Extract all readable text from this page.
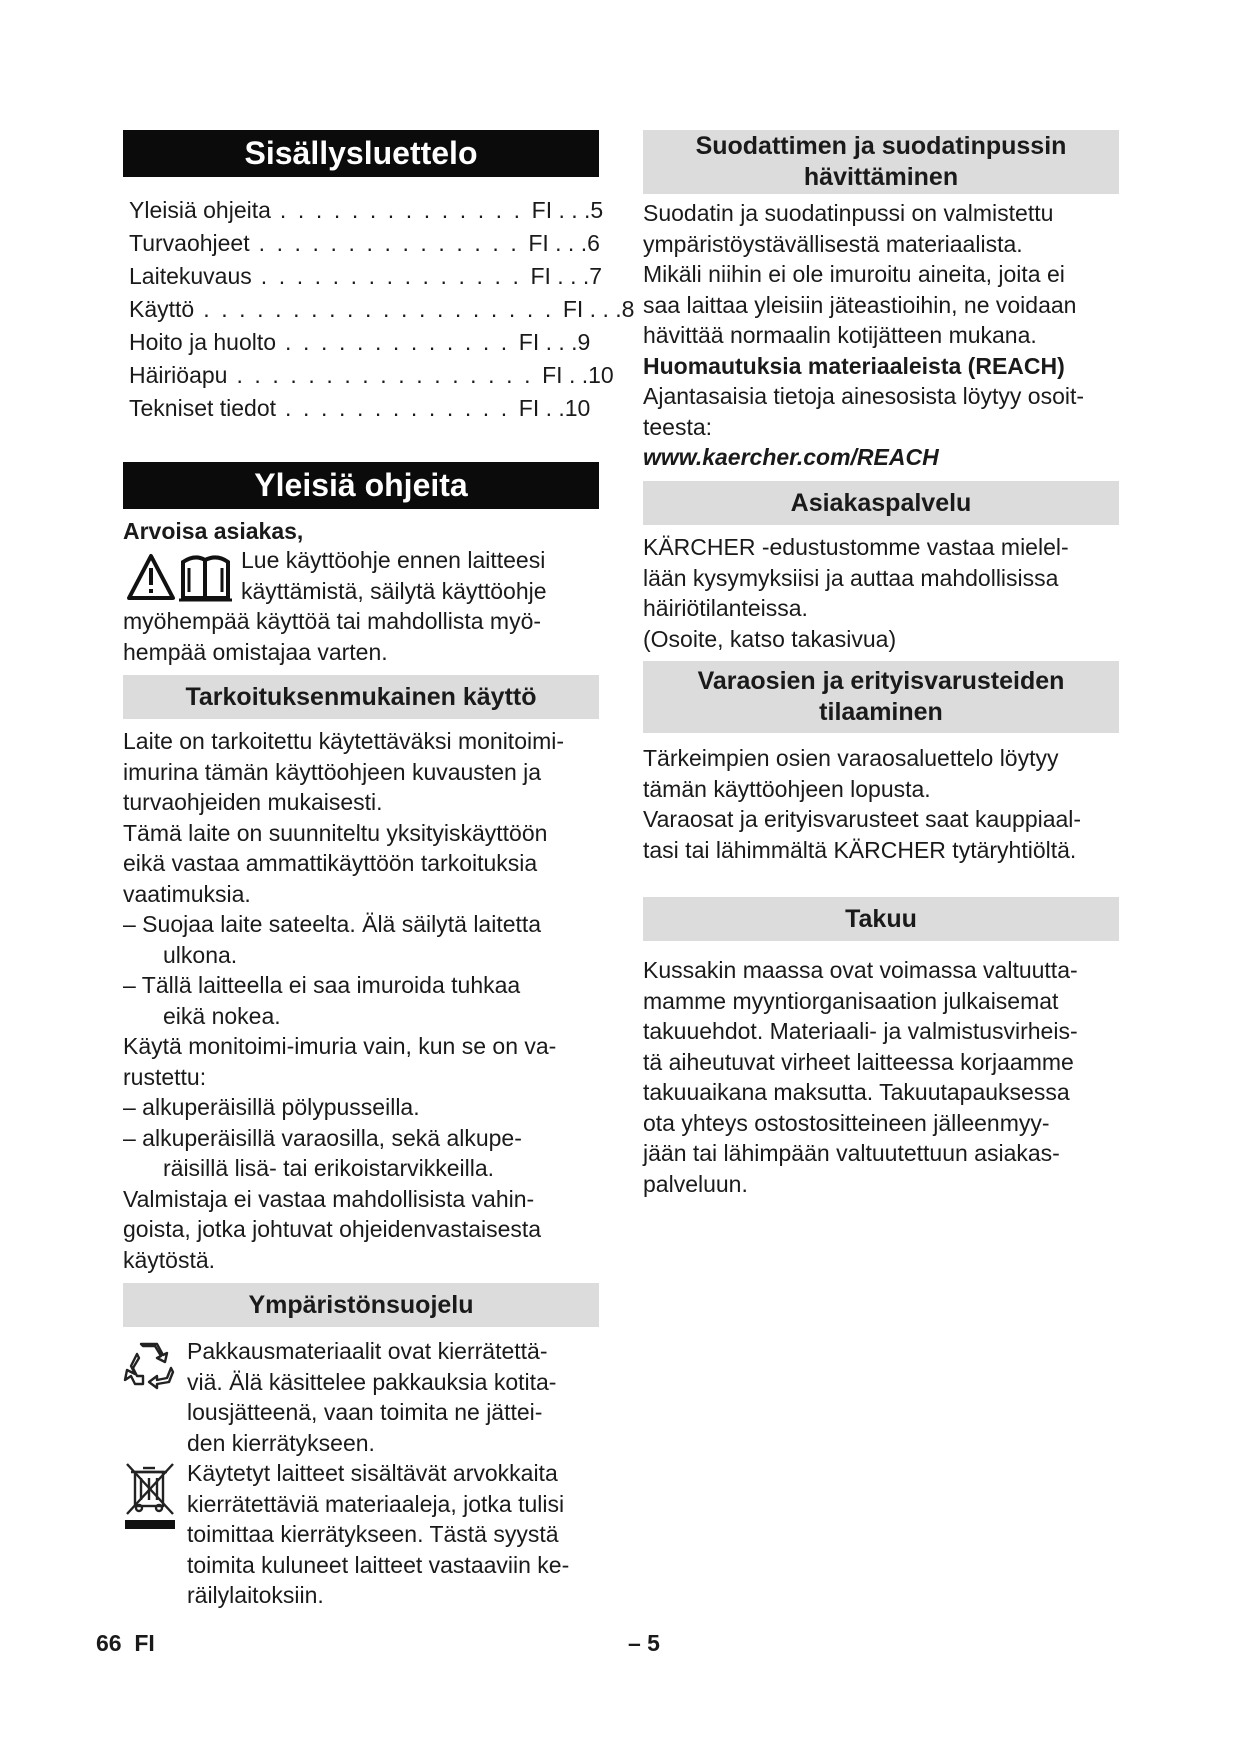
Sisällysluettelo
Yleisiä ohjeita . . . . . . . . . . . . . . FI . . .5
Turvaohjeet . . . . . . . . . . . . . . . FI . . .6
Laitekuvaus . . . . . . . . . . . . . . . FI . . .7
Käyttö . . . . . . . . . . . . . . . . . . . . FI . . .8
Hoito ja huolto . . . . . . . . . . . . . FI . . .9
Häiriöapu . . . . . . . . . . . . . . . . . FI . .10
Tekniset tiedot . . . . . . . . . . . . . FI . .10
Yleisiä ohjeita
Arvoisa asiakas,
Lue käyttöohje ennen laitteesi
käyttämistä, säilytä käyttöohje
myöhempää käyttöä tai mahdollista myö-
hempää omistajaa varten.
Tarkoituksenmukainen käyttö
Laite on tarkoitettu käytettäväksi monitoimi-
imurina tämän käyttöohjeen kuvausten ja
turvaohjeiden mukaisesti.
Tämä laite on suunniteltu yksityiskäyttöön
eikä vastaa ammattikäyttöön tarkoituksia
vaatimuksia.
– Suojaa laite sateelta. Älä säilytä laitetta
ulkona.
– Tällä laitteella ei saa imuroida tuhkaa
eikä nokea.
Käytä monitoimi-imuria vain, kun se on va-
rustettu:
– alkuperäisillä pölypusseilla.
– alkuperäisillä varaosilla, sekä alkupe-
räisillä lisä- tai erikoistarvikkeilla.
Valmistaja ei vastaa mahdollisista vahin-
goista, jotka johtuvat ohjeidenvastaisesta
käytöstä.
Ympäristönsuojelu
Pakkausmateriaalit ovat kierrätettä-
viä. Älä käsittelee pakkauksia kotita-
lousjätteenä, vaan toimita ne jättei-
den kierrätykseen.
Käytetyt laitteet sisältävät arvokkaita
kierrätettäviä materiaaleja, jotka tulisi
toimittaa kierrätykseen. Tästä syystä
toimita kuluneet laitteet vastaaviin ke-
räilylaitoksiin.
Suodattimen ja suodatinpussin
hävittäminen
Suodatin ja suodatinpussi on valmistettu
ympäristöystävällisestä materiaalista.
Mikäli niihin ei ole imuroitu aineita, joita ei
saa laittaa yleisiin jäteastioihin, ne voidaan
hävittää normaalin kotijätteen mukana.
Huomautuksia materiaaleista (REACH)
Ajantasaisia tietoja ainesosista löytyy osoit-
teesta:
www.kaercher.com/REACH
Asiakaspalvelu
KÄRCHER -edustustomme vastaa mielel-
lään kysymyksiisi ja auttaa mahdollisissa
häiriötilanteissa.
(Osoite, katso takasivua)
Varaosien ja erityisvarusteiden
tilaaminen
Tärkeimpien osien varaosaluettelo löytyy
tämän käyttöohjeen lopusta.
Varaosat ja erityisvarusteet saat kauppiaal-
tasi tai lähimmältä KÄRCHER tytäryhtiöltä.
Takuu
Kussakin maassa ovat voimassa valtuutta-
mamme myyntiorganisaation julkaisemat
takuuehdot. Materiaali- ja valmistusvirheis-
tä aiheutuvat virheet laitteessa korjaamme
takuuaikana maksutta. Takuutapauksessa
ota yhteys ostostositteineen jälleenmyy-
jään tai lähimpään valtuutettuun asiakas-
palveluun.
66 FI	– 5
